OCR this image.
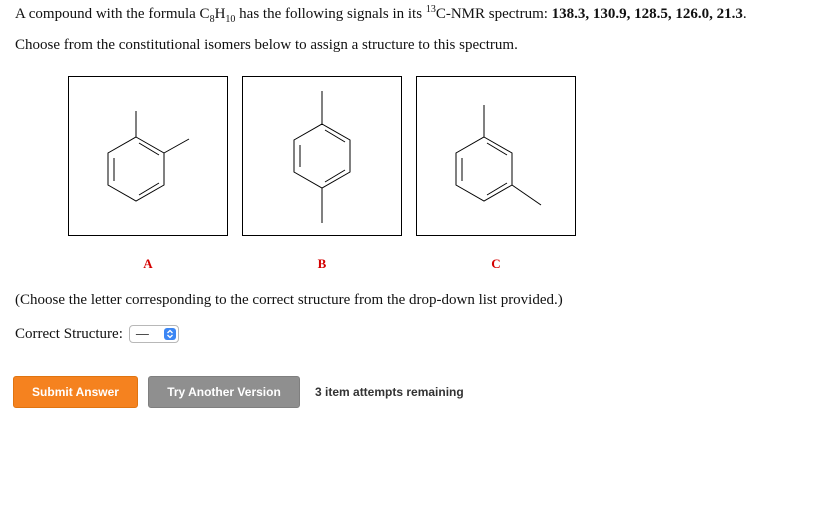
A compound with the formula $C_8H_{10}$ has the following signals in its $^{13}$C-NMR spectrum: 138.3, 130.9, 128.5, 126.0, 21.3.
Choose from the constitutional isomers below to assign a structure to this spectrum.
A	B	C
(Choose the letter corresponding to the correct structure from the drop-down list provided.)
Correct Structure: —
Submit Answer	Try Another Version	3 item attempts remaining
